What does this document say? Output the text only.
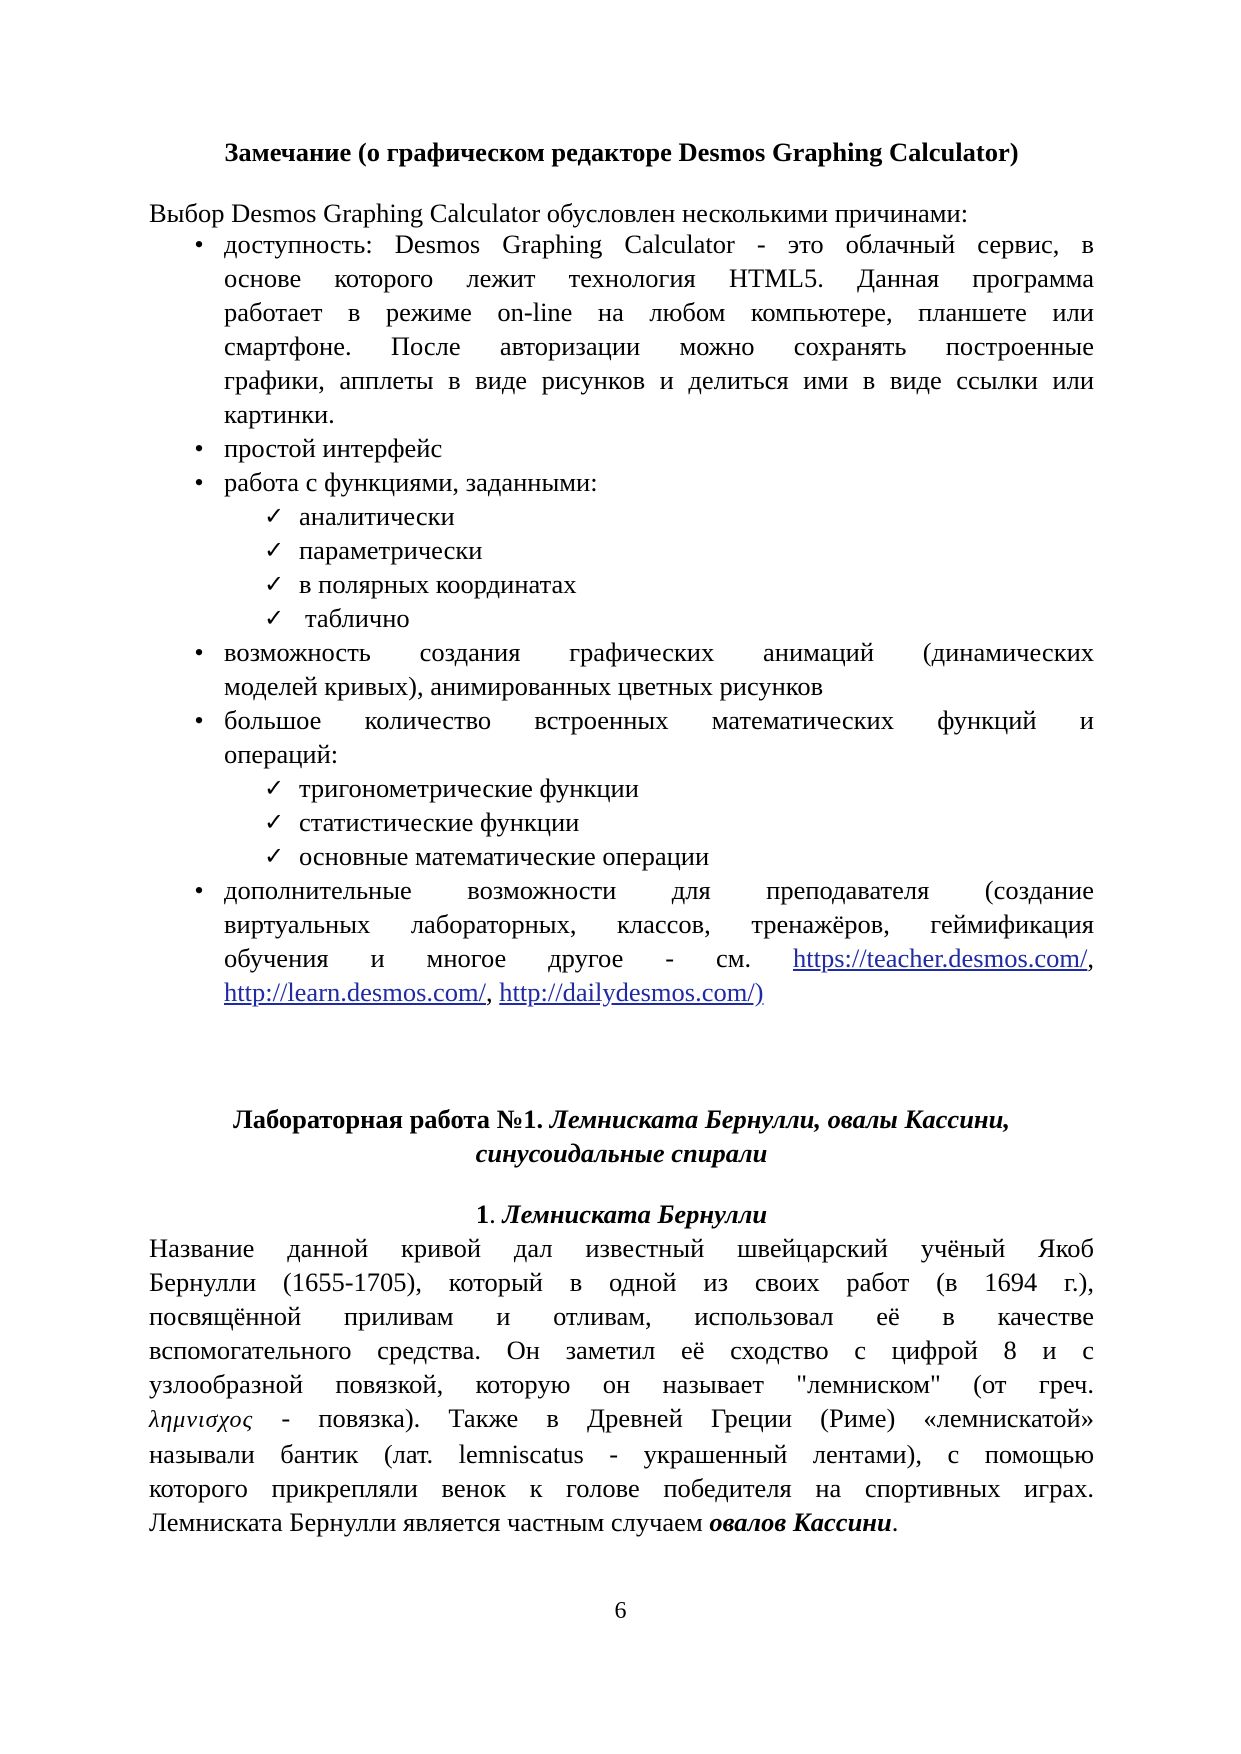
Замечание (о графическом редакторе Desmos Graphing Calculator)
Выбор Desmos Graphing Calculator обусловлен несколькими причинами:
• доступность: Desmos Graphing Calculator - это облачный сервис, в
основе которого лежит технология HTML5. Данная программа
работает в режиме on-line на любом компьютере, планшете или
смартфоне. После авторизации можно сохранять построенные
графики, апплеты в виде рисунков и делиться ими в виде ссылки или
картинки.
• простой интерфейс
• работа с функциями, заданными:
✓ аналитически
✓ параметрически
✓ в полярных координатах
✓ таблично
• возможность создания графических анимаций (динамических
моделей кривых), анимированных цветных рисунков
• большое количество встроенных математических функций и
операций:
✓ тригонометрические функции
✓ статистические функции
✓ основные математические операции
• дополнительные возможности для преподавателя (создание
виртуальных лабораторных, классов, тренажёров, геймификация
обучения и многое другое - см. https://teacher.desmos.com/,
http://learn.desmos.com/, http://dailydesmos.com/)
Лабораторная работа №1. Лемниската Бернулли, овалы Кассини,
синусоидальные спирали
1. Лемниската Бернулли
Название данной кривой дал известный швейцарский учёный Якоб
Бернулли (1655-1705), который в одной из своих работ (в 1694 г.),
посвящённой приливам и отливам, использовал её в качестве
вспомогательного средства. Он заметил её сходство с цифрой 8 и с
узлообразной повязкой, которую он называет "лемниском" (от греч.
λημνισχος - повязка). Также в Древней Греции (Риме) «лемнискатой»
называли бантик (лат. lemniscatus - украшенный лентами), с помощью
которого прикрепляли венок к голове победителя на спортивных играх.
Лемниската Бернулли является частным случаем овалов Кассини.
6
